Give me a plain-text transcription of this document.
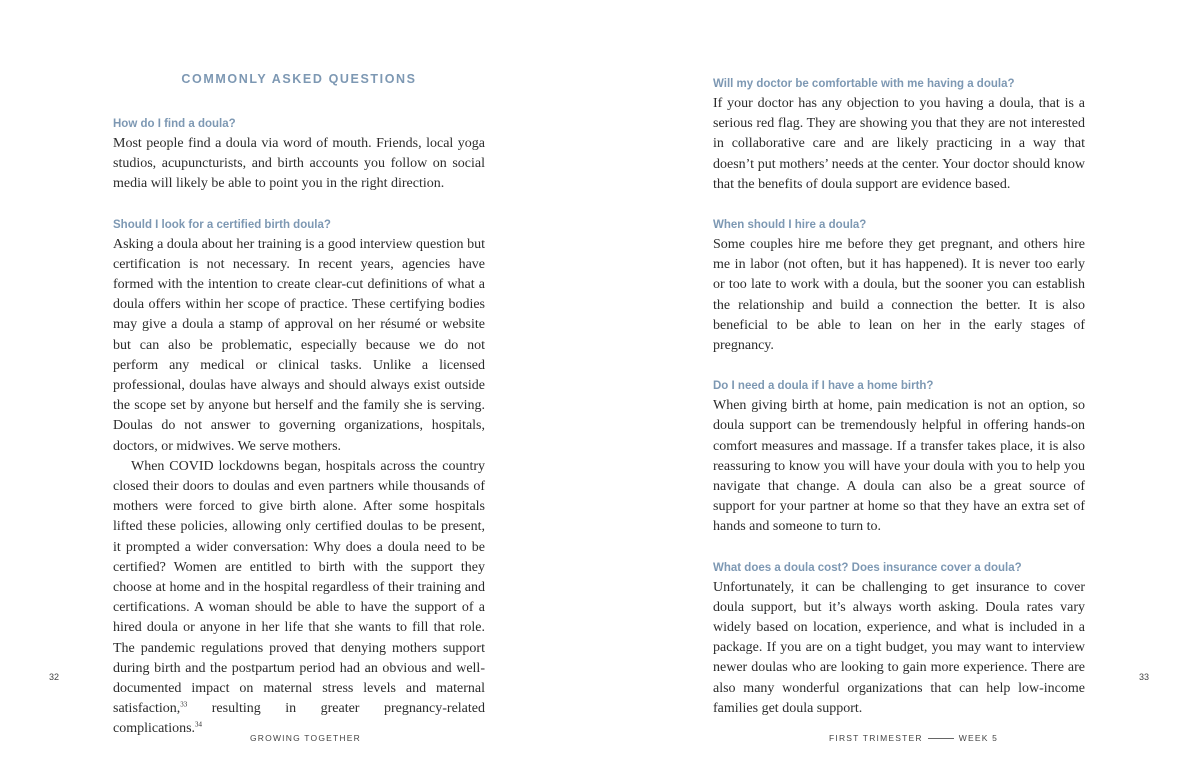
COMMONLY ASKED QUESTIONS

How do I find a doula?

Most people find a doula via word of mouth. Friends, local yoga studios, acupuncturists, and birth accounts you follow on social media will likely be able to point you in the right direction.

Should I look for a certified birth doula?

Asking a doula about her training is a good interview question but certification is not necessary. In recent years, agencies have formed with the intention to create clear-cut definitions of what a doula offers within her scope of practice. These certifying bodies may give a doula a stamp of approval on her résumé or website but can also be problematic, especially because we do not perform any medical or clinical tasks. Unlike a licensed professional, doulas have always and should always exist outside the scope set by anyone but herself and the family she is serving. Doulas do not answer to governing organizations, hospitals, doctors, or midwives. We serve mothers.

When COVID lockdowns began, hospitals across the country closed their doors to doulas and even partners while thousands of mothers were forced to give birth alone. After some hospitals lifted these policies, allowing only certified doulas to be present, it prompted a wider conversation: Why does a doula need to be certified? Women are entitled to birth with the support they choose at home and in the hospital regardless of their training and certifications. A woman should be able to have the support of a hired doula or anyone in her life that she wants to fill that role. The pandemic regulations proved that denying mothers support during birth and the postpartum period had an obvious and well-documented impact on maternal stress levels and maternal satisfaction,$^{33}$ resulting in greater pregnancy-related complications.$^{34}$

32
GROWING TOGETHER

Will my doctor be comfortable with me having a doula?

If your doctor has any objection to you having a doula, that is a serious red flag. They are showing you that they are not interested in collaborative care and are likely practicing in a way that doesn’t put mothers’ needs at the center. Your doctor should know that the benefits of doula support are evidence based.

When should I hire a doula?

Some couples hire me before they get pregnant, and others hire me in labor (not often, but it has happened). It is never too early or too late to work with a doula, but the sooner you can establish the relationship and build a connection the better. It is also beneficial to be able to lean on her in the early stages of pregnancy.

Do I need a doula if I have a home birth?

When giving birth at home, pain medication is not an option, so doula support can be tremendously helpful in offering hands-on comfort measures and massage. If a transfer takes place, it is also reassuring to know you will have your doula with you to help you navigate that change. A doula can also be a great source of support for your partner at home so that they have an extra set of hands and someone to turn to.

What does a doula cost? Does insurance cover a doula?

Unfortunately, it can be challenging to get insurance to cover doula support, but it’s always worth asking. Doula rates vary widely based on location, experience, and what is included in a package. If you are on a tight budget, you may want to interview newer doulas who are looking to gain more experience. There are also many wonderful organizations that can help low-income families get doula support.

33
FIRST TRIMESTER	WEEK 5
